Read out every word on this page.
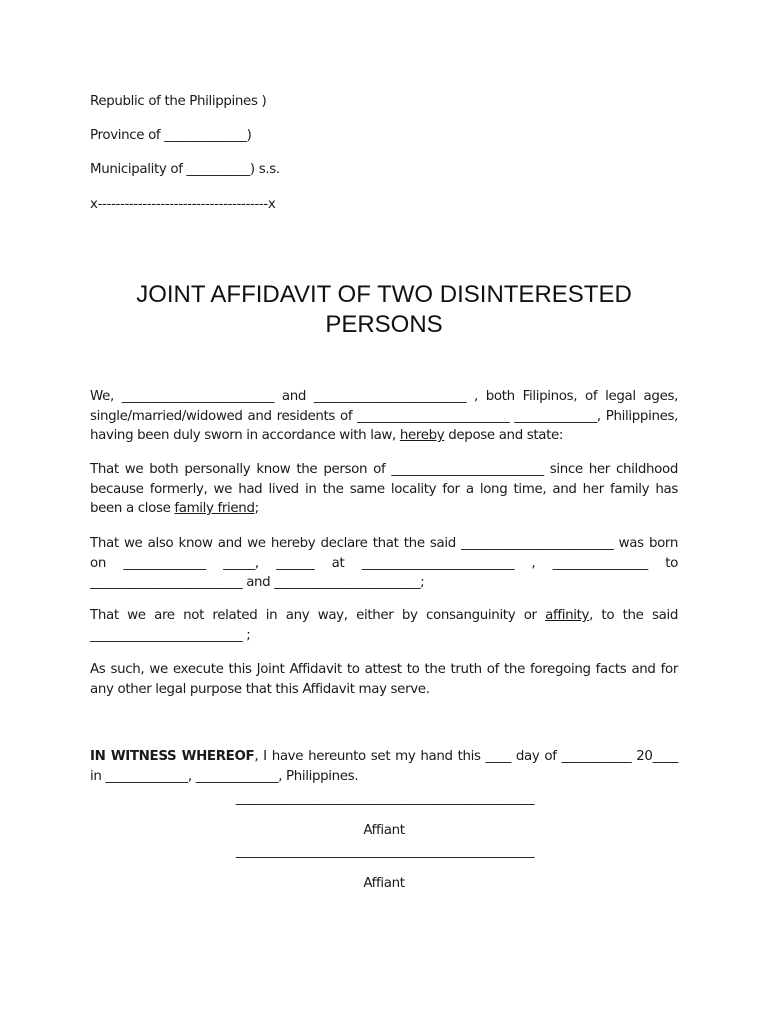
Republic of the Philippines )
Province of _____________)
Municipality of __________) s.s.
x--------------------------------------x
JOINT AFFIDAVIT OF TWO DISINTERESTED
PERSONS

We, ________________________ and ________________________ , both Filipinos, of legal ages, single/married/widowed and residents of ________________________ _____________, Philippines, having been duly sworn in accordance with law, hereby depose and state:

That we both personally know the person of ________________________ since her childhood because formerly, we had lived in the same locality for a long time, and her family has been a close family friend;

That we also know and we hereby declare that the said ________________________ was born on _____________ _____, ______ at ________________________ , _______________ to ________________________ and _______________________;

That we are not related in any way, either by consanguinity or affinity, to the said ________________________ ;

As such, we execute this Joint Affidavit to attest to the truth of the foregoing facts and for any other legal purpose that this Affidavit may serve.

IN WITNESS WHEREOF, I have hereunto set my hand this ____ day of ___________ 20____ in _____________, _____________, Philippines.

_______________________________________________
Affiant
_______________________________________________
Affiant
